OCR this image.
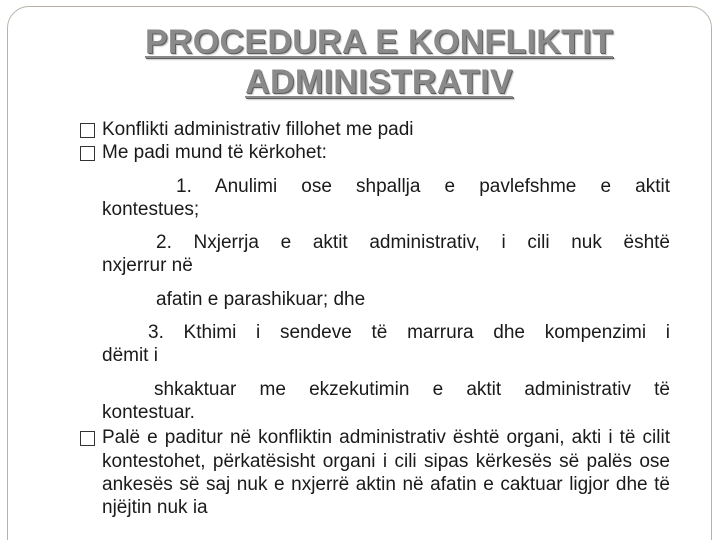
PROCEDURA E KONFLIKTIT
ADMINISTRATIV

Konflikti administrativ fillohet me padi

Me padi mund të kërkohet:

1. Anulimi ose shpallja e pavlefshme e aktit
kontestues;

2. Nxjerrja e aktit administrativ, i cili nuk është
nxjerrur në
afatin e parashikuar; dhe

3. Kthimi i sendeve të marrura dhe kompenzimi i
dëmit i
shkaktuar me ekzekutimin e aktit administrativ të
kontestuar.

Palë e paditur në konfliktin administrativ është organi, akti i të cilit kontestohet, përkatësisht organi i cili sipas kërkesës së palës ose ankesës së saj nuk e nxjerrë aktin në afatin e caktuar ligjor dhe të njëjtin nuk ia
